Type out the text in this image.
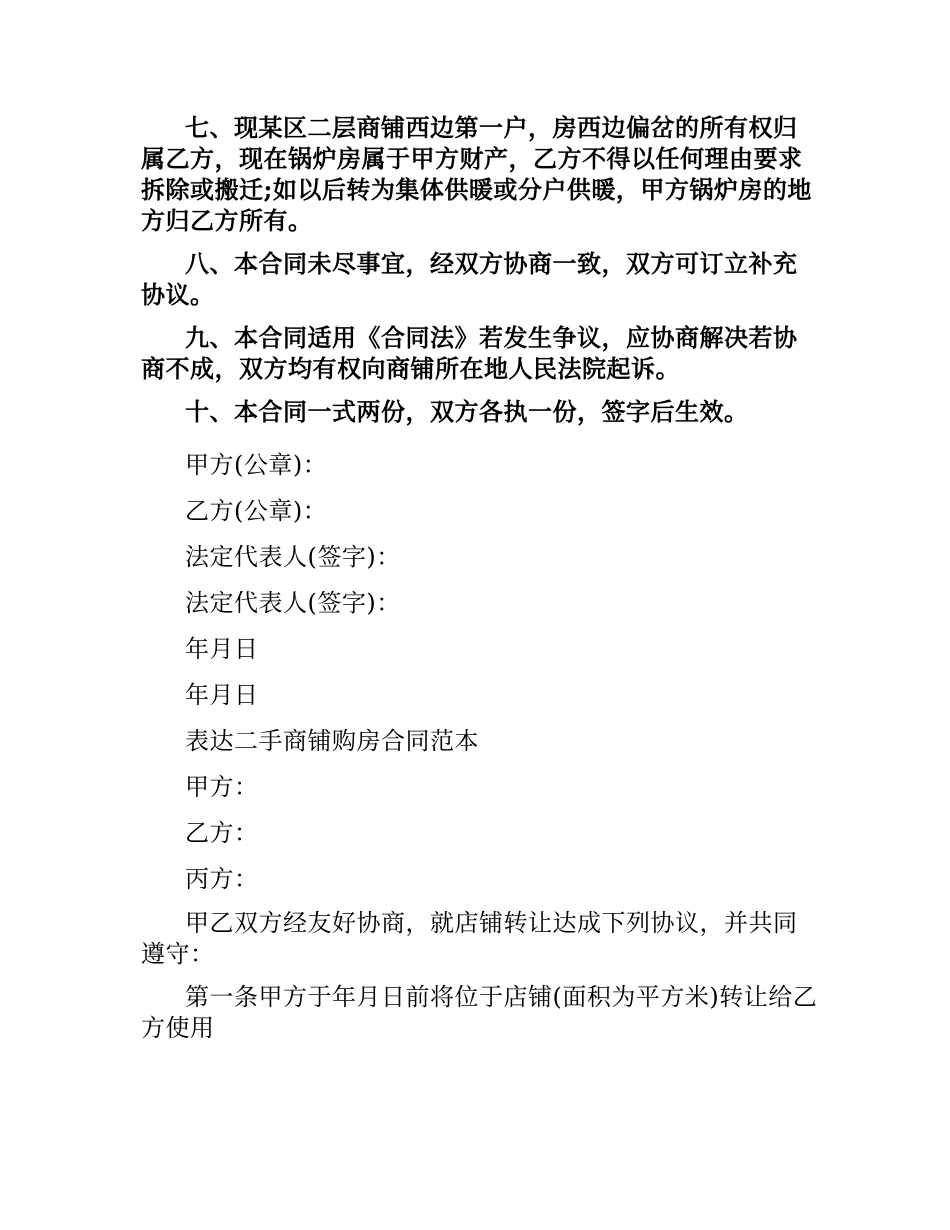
七、现某区二层商铺西边第一户，房西边偏岔的所有权归属乙方，现在锅炉房属于甲方财产，乙方不得以任何理由要求拆除或搬迁;如以后转为集体供暖或分户供暖，甲方锅炉房的地方归乙方所有。

八、本合同未尽事宜，经双方协商一致，双方可订立补充协议。

九、本合同适用《合同法》若发生争议，应协商解决若协商不成，双方均有权向商铺所在地人民法院起诉。

十、本合同一式两份，双方各执一份，签字后生效。

甲方(公章)：

乙方(公章)：

法定代表人(签字)：

法定代表人(签字)：

年月日

年月日

表达二手商铺购房合同范本

甲方：

乙方：

丙方：

甲乙双方经友好协商，就店铺转让达成下列协议，并共同遵守：

第一条甲方于年月日前将位于店铺(面积为平方米)转让给乙方使用
